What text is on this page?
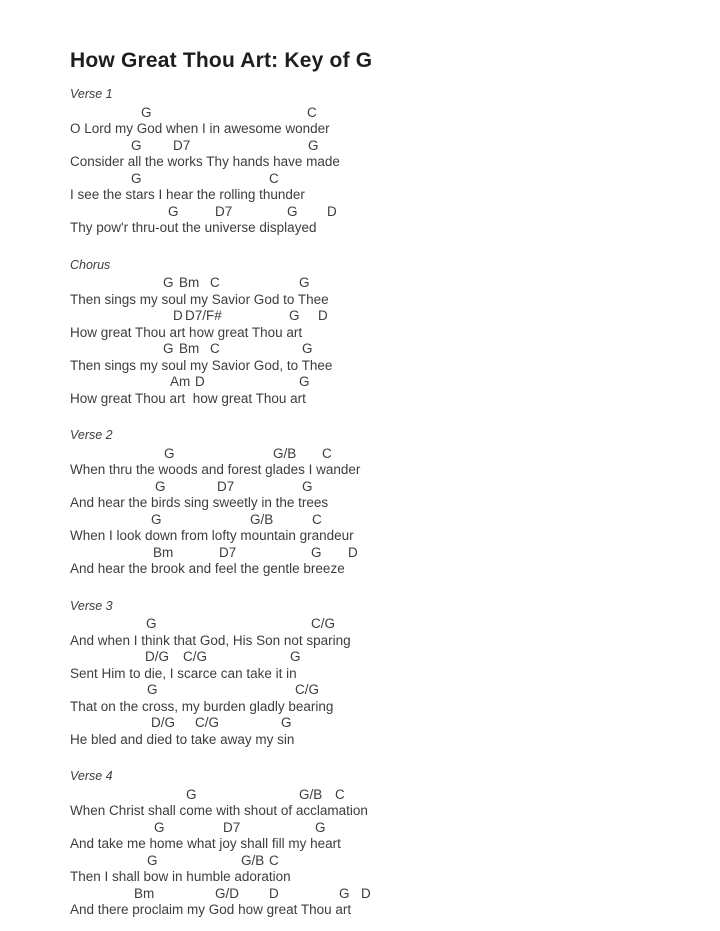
How Great Thou Art: Key of G
Verse 1
G	C
O Lord my God when I in awesome wonder
G D7	G
Consider all the works Thy hands have made
G	C
I see the stars I hear the rolling thunder
G	D7	G D
Thy pow'r thru-out the universe displayed
Chorus
G Bm C	G
Then sings my soul my Savior God to Thee
D D7/F#	G D
How great Thou art how great Thou art
G Bm C	G
Then sings my soul my Savior God, to Thee
Am D	G
How great Thou art  how great Thou art
Verse 2
G	G/B C
When thru the woods and forest glades I wander
G	D7	G
And hear the birds sing sweetly in the trees
G	G/B	C
When I look down from lofty mountain grandeur
Bm	D7	G D
And hear the brook and feel the gentle breeze
Verse 3
G	C/G
And when I think that God, His Son not sparing
D/G C/G	G
Sent Him to die, I scarce can take it in
G	C/G
That on the cross, my burden gladly bearing
D/G C/G	G
He bled and died to take away my sin
Verse 4
G	G/B C
When Christ shall come with shout of acclamation
G	D7	G
And take me home what joy shall fill my heart
G	G/B C
Then I shall bow in humble adoration
Bm	G/D D	G D
And there proclaim my God how great Thou art
